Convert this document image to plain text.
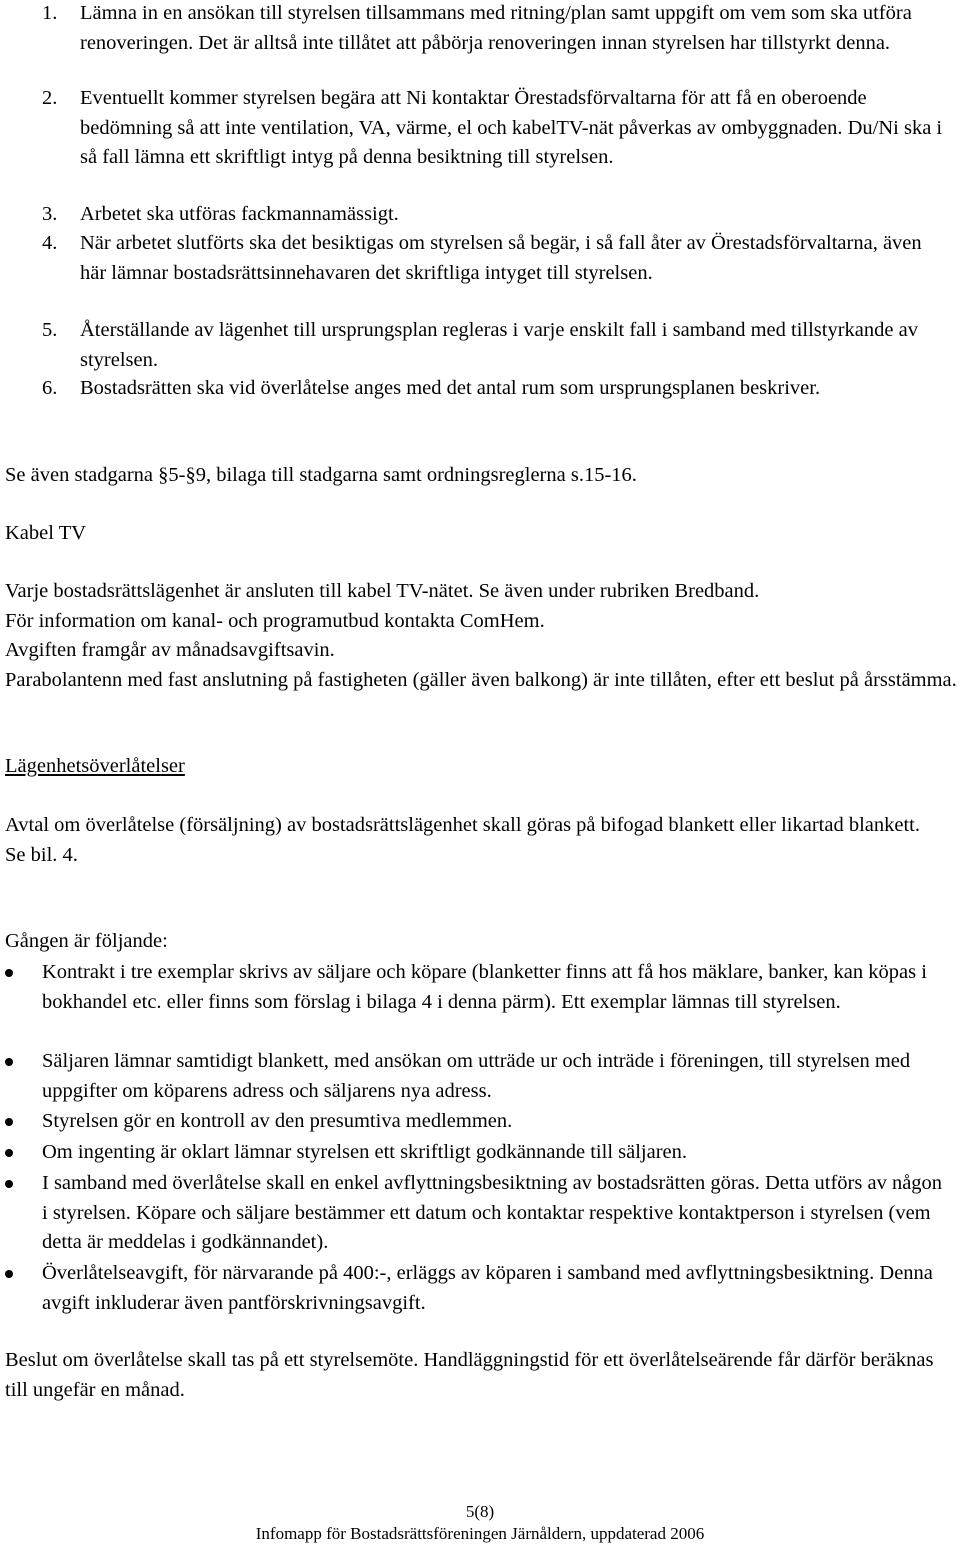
1. Lämna in en ansökan till styrelsen tillsammans med ritning/plan samt uppgift om vem som ska utföra renoveringen. Det är alltså inte tillåtet att påbörja renoveringen innan styrelsen har tillstyrkt denna.
2. Eventuellt kommer styrelsen begära att Ni kontaktar Örestadsförvaltarna för att få en oberoende bedömning så att inte ventilation, VA, värme, el och kabelTV-nät påverkas av ombyggnaden. Du/Ni ska i så fall lämna ett skriftligt intyg på denna besiktning till styrelsen.
3. Arbetet ska utföras fackmannamässigt.
4. När arbetet slutförts ska det besiktigas om styrelsen så begär, i så fall åter av Örestadsförvaltarna, även här lämnar bostadsrättsinnehavaren det skriftliga intyget till styrelsen.
5. Återställande av lägenhet till ursprungsplan regleras i varje enskilt fall i samband med tillstyrkande av styrelsen.
6. Bostadsrätten ska vid överlåtelse anges med det antal rum som ursprungsplanen beskriver.

Se även stadgarna §5-§9, bilaga till stadgarna samt ordningsreglerna s.15-16.

Kabel TV
Varje bostadsrättslägenhet är ansluten till kabel TV-nätet. Se även under rubriken Bredband.
För information om kanal- och programutbud kontakta ComHem.
Avgiften framgår av månadsavgiftsavin.
Parabolantenn med fast anslutning på fastigheten (gäller även balkong) är inte tillåten, efter ett beslut på årsstämma.
Lägenhetsöverlåtelser
Avtal om överlåtelse (försäljning) av bostadsrättslägenhet skall göras på bifogad blankett eller likartad blankett.
Se bil. 4.

Gången är följande:

Kontrakt i tre exemplar skrivs av säljare och köpare (blanketter finns att få hos mäklare, banker, kan köpas i bokhandel etc. eller finns som förslag i bilaga 4 i denna pärm). Ett exemplar lämnas till styrelsen.
Säljaren lämnar samtidigt blankett, med ansökan om utträde ur och inträde i föreningen, till styrelsen med uppgifter om köparens adress och säljarens nya adress.
Styrelsen gör en kontroll av den presumtiva medlemmen.
Om ingenting är oklart lämnar styrelsen ett skriftligt godkännande till säljaren.
I samband med överlåtelse skall en enkel avflyttningsbesiktning av bostadsrätten göras. Detta utförs av någon i styrelsen. Köpare och säljare bestämmer ett datum och kontaktar respektive kontaktperson i styrelsen (vem detta är meddelas i godkännandet).
Överlåtelseavgift, för närvarande på 400:-, erläggs av köparen i samband med avflyttningsbesiktning. Denna avgift inkluderar även pantförskrivningsavgift.

Beslut om överlåtelse skall tas på ett styrelsemöte. Handläggningstid för ett överlåtelseärende får därför beräknas till ungefär en månad.

5(8)
Infomapp för Bostadsrättsföreningen Järnåldern, uppdaterad 2006
